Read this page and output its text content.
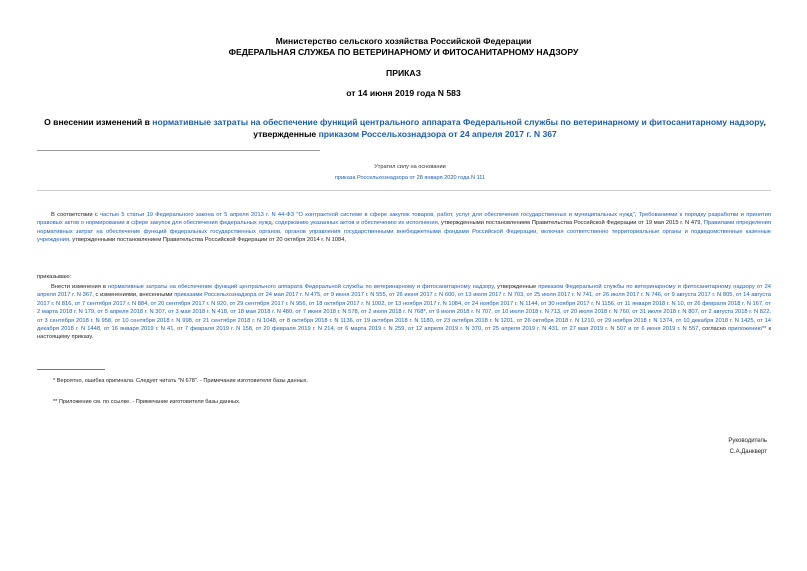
Министерство сельского хозяйства Российской Федерации
ФЕДЕРАЛЬНАЯ СЛУЖБА ПО ВЕТЕРИНАРНОМУ И ФИТОСАНИТАРНОМУ НАДЗОРУ
ПРИКАЗ
от 14 июня 2019 года N 583
О внесении изменений в нормативные затраты на обеспечение функций центрального аппарата Федеральной службы по ветеринарному и фитосанитарному надзору, утвержденные приказом Россельхознадзора от 24 апреля 2017 г. N 367
Утратил силу на основании
приказа Россельхознадзора от 28 января 2020 года N 111
В соответствии с частью 5 статьи 19 Федерального закона от 5 апреля 2013 г. N 44-ФЗ "О контрактной системе в сфере закупок товаров, работ, услуг для обеспечения государственных и муниципальных нужд", Требованиями к порядку разработки и принятия правовых актов о нормировании в сфере закупок для обеспечения федеральных нужд, содержанию указанных актов и обеспечению их исполнения, утвержденными постановлением Правительства Российской Федерации от 19 мая 2015 г. N 479, Правилами определения нормативных затрат на обеспечение функций федеральных государственных органов, органов управления государственными внебюджетными фондами Российской Федерации, включая соответственно территориальные органы и подведомственные казенные учреждения, утвержденными постановлением Правительства Российской Федерации от 20 октября 2014 г. N 1084,
приказываю:
Внести изменения в нормативные затраты на обеспечение функций центрального аппарата Федеральной службы по ветеринарному и фитосанитарному надзору, утвержденные приказом Федеральной службы по ветеринарному и фитосанитарному надзору от 24 апреля 2017 г. N 367, с изменениями, внесенными приказами Россельхознадзора от 24 мая 2017 г. N 475, от 9 июня 2017 г. N 555, от 26 июня 2017 г. N 600, от 13 июля 2017 г. N 703, от 25 июля 2017 г. N 741, от 26 июля 2017 г. N 746, от 9 августа 2017 г. N 805, от 14 августа 2017 г. N 816, от 7 сентября 2017 г. N 884, от 20 сентября 2017 г. N 920, от 29 сентября 2017 г. N 956, от 18 октября 2017 г. N 1002, от 13 ноября 2017 г. N 1084, от 24 ноября 2017 г. N 1144, от 30 ноября 2017 г. N 1156, от 11 января 2018 г. N 10, от 26 февраля 2018 г. N 167, от 2 марта 2018 г. N 179, от 5 апреля 2018 г. N 307, от 3 мая 2018 г. N 418, от 18 мая 2018 г. N 480, от 7 июня 2018 г. N 578, от 2 июля 2018 г. N 768*, от 9 июля 2018 г. N 707, от 10 июля 2018 г. N 713, от 20 июля 2018 г. N 760, от 31 июля 2018 г. N 807, от 2 августа 2018 г. N 822, от 3 сентября 2018 г. N 958, от 10 сентября 2018 г. N 998, от 21 сентября 2018 г. N 1048, от 8 октября 2018 г. N 1136, от 19 октября 2018 г. N 1180, от 23 октября 2018 г. N 1201, от 26 октября 2018 г. N 1210, от 29 ноября 2018 г. N 1374, от 10 декабря 2018 г. N 1425, от 14 декабря 2018 г. N 1448, от 16 января 2019 г. N 41, от 7 февраля 2019 г. N 158, от 20 февраля 2019 г. N 214, от 6 марта 2019 г. N 259, от 12 апреля 2019 г. N 370, от 25 апреля 2019 г. N 431, от 27 мая 2019 г. N 507 и от 6 июня 2019 г. N 557, согласно приложению** к настоящему приказу.
* Вероятно, ошибка оригинала. Следует читать "N 678". - Примечание изготовителя базы данных.
** Приложение см. по ссылке. - Примечание изготовителя базы данных.
Руководитель
С.А.Данкверт
